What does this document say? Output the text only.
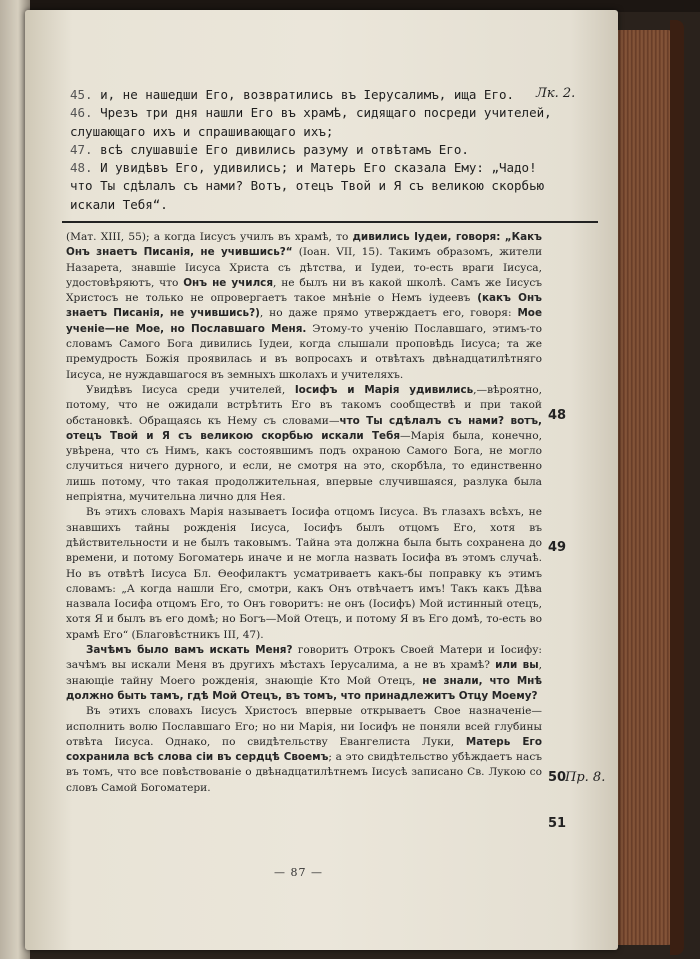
45. и, не нашедши Его, возвратились въ Іерусалимъ, ища Его.

46. Чрезъ три дня нашли Его въ храмѣ, сидящаго посреди учителей, слушающаго ихъ и спрашивающаго ихъ;

47. всѣ слушавшіе Его дивились разуму и отвѣтамъ Его.

48. И увидѣвъ Его, удивились; и Матерь Его сказала Ему: „Чадо! что Ты сдѣлалъ съ нами? Вотъ, отецъ Твой и Я съ великою скорбью искали Тебя“.

Лк. 2.

(Мат. XIII, 55); а когда Іисусъ училъ въ храмѣ, то дивились Іудеи, говоря: „Какъ Онъ знаетъ Писанія, не учившись?“ (Іоан. VII, 15). Такимъ образомъ, жители Назарета, знавшіе Іисуса Христа съ дѣтства, и Іудеи, то-есть враги Іисуса, удостовѣряютъ, что Онъ не учился, не былъ ни въ какой школѣ. Самъ же Іисусъ Христосъ не только не опровергаетъ такое мнѣніе о Немъ іудеевъ (какъ Онъ знаетъ Писанія, не учившись?), но даже прямо утверждаетъ его, говоря: Мое ученіе—не Мое, но Пославшаго Меня. Этому-то ученію Пославшаго, этимъ-то словамъ Самого Бога дивились Іудеи, когда слышали проповѣдь Іисуса; та же премудрость Божія проявилась и въ вопросахъ и отвѣтахъ двѣнадцатилѣтняго Іисуса, не нуждавшагося въ земныхъ школахъ и учителяхъ.

Увидѣвъ Іисуса среди учителей, Іосифъ и Марія удивились,—вѣроятно, потому, что не ожидали встрѣтить Его въ такомъ сообществѣ и при такой обстановкѣ. Обращаясь къ Нему съ словами—что Ты сдѣлалъ съ нами? вотъ, отецъ Твой и Я съ великою скорбью искали Тебя—Марія была, конечно, увѣрена, что съ Нимъ, какъ состоявшимъ подъ охраною Самого Бога, не могло случиться ничего дурного, и если, не смотря на это, скорбѣла, то единственно лишь потому, что такая продолжительная, впервые случившаяся, разлука была непріятна, мучительна лично для Нея.

Въ этихъ словахъ Марія называетъ Іосифа отцомъ Іисуса. Въ глазахъ всѣхъ, не знавшихъ тайны рожденія Іисуса, Іосифъ былъ отцомъ Его, хотя въ дѣйствительности и не былъ таковымъ. Тайна эта должна была быть сохранена до времени, и потому Богоматерь иначе и не могла назвать Іосифа въ этомъ случаѣ. Но въ отвѣтѣ Іисуса Бл. Өеофилактъ усматриваетъ какъ-бы поправку къ этимъ словамъ: „А когда нашли Его, смотри, какъ Онъ отвѣчаетъ имъ! Такъ какъ Дѣва назвала Іосифа отцомъ Его, то Онъ говоритъ: не онъ (Іосифъ) Мой истинный отецъ, хотя Я и былъ въ его домѣ; но Богъ—Мой Отецъ, и потому Я въ Его домѣ, то-есть во храмѣ Его“ (Благовѣстникъ III, 47).

Зачѣмъ было вамъ искать Меня? говоритъ Отрокъ Своей Матери и Іосифу: зачѣмъ вы искали Меня въ другихъ мѣстахъ Іерусалима, а не въ храмѣ? или вы, знающіе тайну Моего рожденія, знающіе Кто Мой Отецъ, не знали, что Мнѣ должно быть тамъ, гдѣ Мой Отецъ, въ томъ, что принадлежитъ Отцу Моему?

Въ этихъ словахъ Іисусъ Христосъ впервые открываетъ Свое назначеніе—исполнить волю Пославшаго Его; но ни Марія, ни Іосифъ не поняли всей глубины отвѣта Іисуса. Однако, по свидѣтельству Евангелиста Луки, Матерь Его сохранила всѣ слова сіи въ сердцѣ Своемъ; а это свидѣтельство убѣждаетъ насъ въ томъ, что все повѣствованіе о двѣнадцатилѣтнемъ Іисусѣ записано Св. Лукою со словъ Самой Богоматери.

48
49
50
Пр. 8.
51
— 87 —
